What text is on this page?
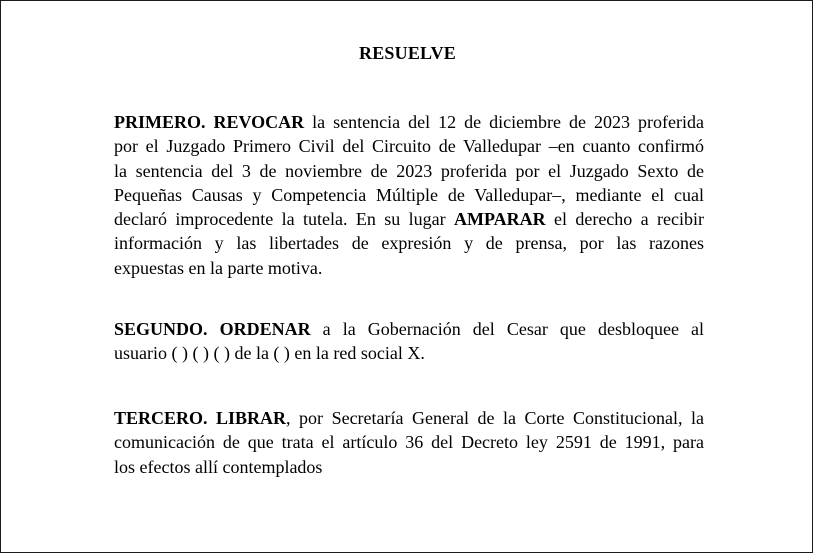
RESUELVE
PRIMERO. REVOCAR la sentencia del 12 de diciembre de 2023 proferida
por el Juzgado Primero Civil del Circuito de Valledupar –en cuanto confirmó
la sentencia del 3 de noviembre de 2023 proferida por el Juzgado Sexto de
Pequeñas Causas y Competencia Múltiple de Valledupar–, mediante el cual
declaró improcedente la tutela. En su lugar AMPARAR el derecho a recibir
información y las libertades de expresión y de prensa, por las razones
expuestas en la parte motiva.
SEGUNDO. ORDENAR a la Gobernación del Cesar que desbloquee al
usuario ( ) ( ) ( ) de la ( ) en la red social X.
TERCERO. LIBRAR, por Secretaría General de la Corte Constitucional, la
comunicación de que trata el artículo 36 del Decreto ley 2591 de 1991, para
los efectos allí contemplados
